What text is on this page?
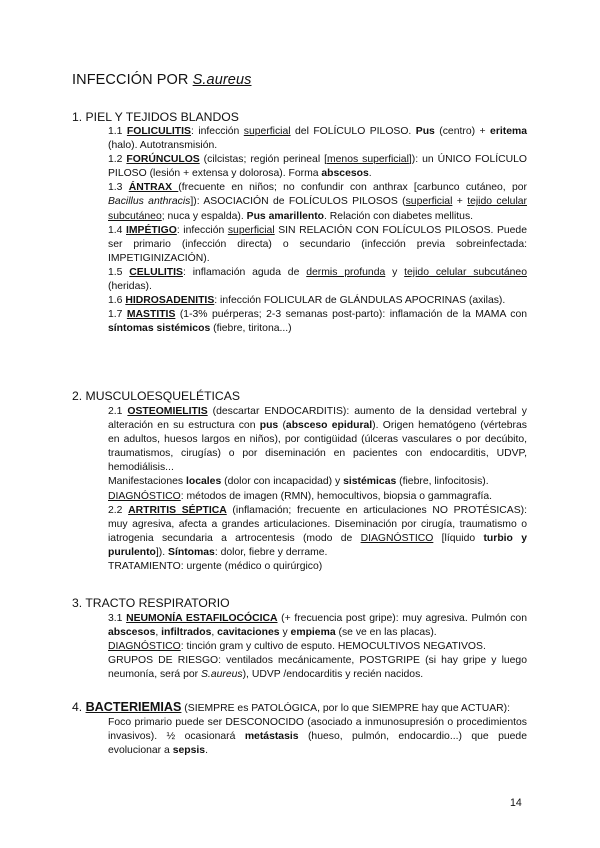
INFECCIÓN POR S.aureus
1. PIEL Y TEJIDOS BLANDOS

1.1 FOLICULITIS: infección superficial del FOLÍCULO PILOSO. Pus (centro) + eritema (halo). Autotransmisión.

1.2 FORÚNCULOS (cilcistas; región perineal [menos superficial]): un ÚNICO FOLÍCULO PILOSO (lesión + extensa y dolorosa). Forma abscesos.

1.3 ÁNTRAX (frecuente en niños; no confundir con anthrax [carbunco cutáneo, por Bacillus anthracis]): ASOCIACIÓN de FOLÍCULOS PILOSOS (superficial + tejido celular subcutáneo; nuca y espalda). Pus amarillento. Relación con diabetes mellitus.

1.4 IMPÉTIGO: infección superficial SIN RELACIÓN CON FOLÍCULOS PILOSOS. Puede ser primario (infección directa) o secundario (infección previa sobreinfectada: IMPETIGINIZACIÓN).

1.5 CELULITIS: inflamación aguda de dermis profunda y tejido celular subcutáneo (heridas).

1.6 HIDROSADENITIS: infección FOLICULAR de GLÁNDULAS APOCRINAS (axilas).

1.7 MASTITIS (1-3% puérperas; 2-3 semanas post-parto): inflamación de la MAMA con síntomas sistémicos (fiebre, tiritona...)

2. MUSCULOESQUELÉTICAS

2.1 OSTEOMIELITIS (descartar ENDOCARDITIS): aumento de la densidad vertebral y alteración en su estructura con pus (absceso epidural). Origen hematógeno (vértebras en adultos, huesos largos en niños), por contigüidad (úlceras vasculares o por decúbito, traumatismos, cirugías) o por diseminación en pacientes con endocarditis, UDVP, hemodiálisis...

Manifestaciones locales (dolor con incapacidad) y sistémicas (fiebre, linfocitosis).

DIAGNÓSTICO: métodos de imagen (RMN), hemocultivos, biopsia o gammagrafía.

2.2 ARTRITIS SÉPTICA (inflamación; frecuente en articulaciones NO PROTÉSICAS): muy agresiva, afecta a grandes articulaciones. Diseminación por cirugía, traumatismo o iatrogenia secundaria a artrocentesis (modo de DIAGNÓSTICO [líquido turbio y purulento]). Síntomas: dolor, fiebre y derrame.

TRATAMIENTO: urgente (médico o quirúrgico)

3. TRACTO RESPIRATORIO

3.1 NEUMONÍA ESTAFILOCÓCICA (+ frecuencia post gripe): muy agresiva. Pulmón con abscesos, infiltrados, cavitaciones y empiema (se ve en las placas).

DIAGNÓSTICO: tinción gram y cultivo de esputo. HEMOCULTIVOS NEGATIVOS.

GRUPOS DE RIESGO: ventilados mecánicamente, POSTGRIPE (si hay gripe y luego neumonía, será por S.aureus), UDVP /endocarditis y recién nacidos.

4. BACTERIEMIAS (SIEMPRE es PATOLÓGICA, por lo que SIEMPRE hay que ACTUAR):

Foco primario puede ser DESCONOCIDO (asociado a inmunosupresión o procedimientos invasivos). ½ ocasionará metástasis (hueso, pulmón, endocardio...) que puede evolucionar a sepsis.

14
